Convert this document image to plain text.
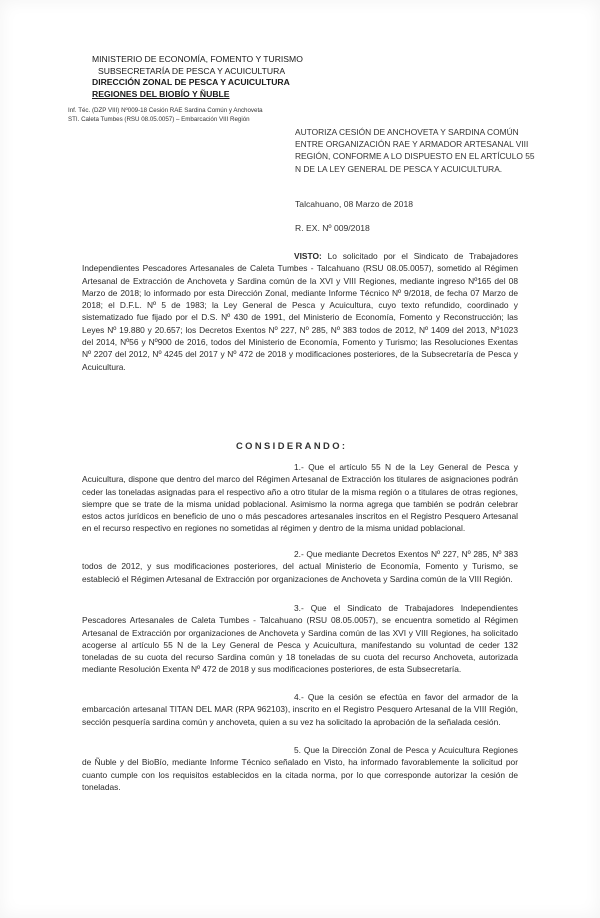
MINISTERIO DE ECONOMÍA, FOMENTO Y TURISMO
SUBSECRETARÍA DE PESCA Y ACUICULTURA
DIRECCIÓN ZONAL DE PESCA Y ACUICULTURA
REGIONES DEL BIOBÍO Y ÑUBLE
Inf. Téc. (DZP VIII) Nº009-18 Cesión RAE Sardina Común y Anchoveta
STI. Caleta Tumbes (RSU 08.05.0057) – Embarcación VIII Región
AUTORIZA CESIÓN DE ANCHOVETA Y SARDINA COMÚN ENTRE ORGANIZACIÓN RAE Y ARMADOR ARTESANAL VIII REGIÓN, CONFORME A LO DISPUESTO EN EL ARTÍCULO 55 N DE LA LEY GENERAL DE PESCA Y ACUICULTURA.
Talcahuano, 08 Marzo de 2018
R. EX. Nº 009/2018

VISTO: Lo solicitado por el Sindicato de Trabajadores Independientes Pescadores Artesanales de Caleta Tumbes - Talcahuano (RSU 08.05.0057), sometido al Régimen Artesanal de Extracción de Anchoveta y Sardina común de la XVI y VIII Regiones, mediante ingreso Nº165 del 08 Marzo de 2018; lo informado por esta Dirección Zonal, mediante Informe Técnico Nº 9/2018, de fecha 07 Marzo de 2018; el D.F.L. Nº 5 de 1983; la Ley General de Pesca y Acuicultura, cuyo texto refundido, coordinado y sistematizado fue fijado por el D.S. Nº 430 de 1991, del Ministerio de Economía, Fomento y Reconstrucción; las Leyes Nº 19.880 y 20.657; los Decretos Exentos Nº 227, Nº 285, Nº 383 todos de 2012, Nº 1409 del 2013, Nº1023 del 2014, Nº56 y Nº900 de 2016, todos del Ministerio de Economía, Fomento y Turismo; las Resoluciones Exentas Nº 2207 del 2012, Nº 4245 del 2017 y Nº 472 de 2018 y modificaciones posteriores, de la Subsecretaría de Pesca y Acuicultura.

CONSIDERANDO:

1.- Que el artículo 55 N de la Ley General de Pesca y Acuicultura, dispone que dentro del marco del Régimen Artesanal de Extracción los titulares de asignaciones podrán ceder las toneladas asignadas para el respectivo año a otro titular de la misma región o a titulares de otras regiones, siempre que se trate de la misma unidad poblacional. Asimismo la norma agrega que también se podrán celebrar estos actos jurídicos en beneficio de uno o más pescadores artesanales inscritos en el Registro Pesquero Artesanal en el recurso respectivo en regiones no sometidas al régimen y dentro de la misma unidad poblacional.

2.- Que mediante Decretos Exentos Nº 227, Nº 285, Nº 383 todos de 2012, y sus modificaciones posteriores, del actual Ministerio de Economía, Fomento y Turismo, se estableció el Régimen Artesanal de Extracción por organizaciones de Anchoveta y Sardina común de la VIII Región.

3.- Que el Sindicato de Trabajadores Independientes Pescadores Artesanales de Caleta Tumbes - Talcahuano (RSU 08.05.0057), se encuentra sometido al Régimen Artesanal de Extracción por organizaciones de Anchoveta y Sardina común de las XVI y VIII Regiones, ha solicitado acogerse al artículo 55 N de la Ley General de Pesca y Acuicultura, manifestando su voluntad de ceder 132 toneladas de su cuota del recurso Sardina común y 18 toneladas de su cuota del recurso Anchoveta, autorizada mediante Resolución Exenta Nº 472 de 2018 y sus modificaciones posteriores, de esta Subsecretaría.

4.- Que la cesión se efectúa en favor del armador de la embarcación artesanal TITAN DEL MAR (RPA 962103), inscrito en el Registro Pesquero Artesanal de la VIII Región, sección pesquería sardina común y anchoveta, quien a su vez ha solicitado la aprobación de la señalada cesión.

5. Que la Dirección Zonal de Pesca y Acuicultura Regiones de Ñuble y del BioBío, mediante Informe Técnico señalado en Visto, ha informado favorablemente la solicitud por cuanto cumple con los requisitos establecidos en la citada norma, por lo que corresponde autorizar la cesión de toneladas.
